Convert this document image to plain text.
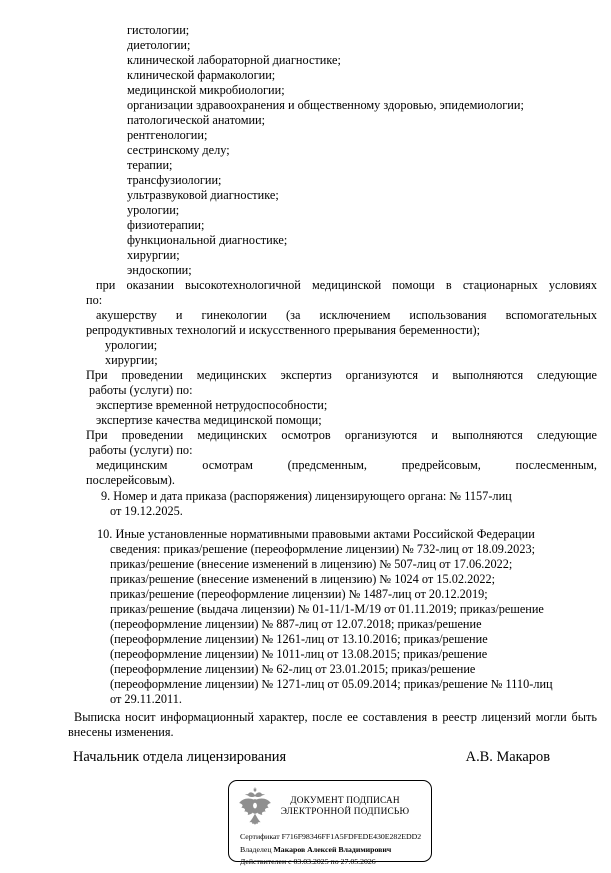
гистологии;
диетологии;
клинической лабораторной диагностике;
клинической фармакологии;
медицинской микробиологии;
организации здравоохранения и общественному здоровью, эпидемиологии;
патологической анатомии;
рентгенологии;
сестринскому делу;
терапии;
трансфузиологии;
ультразвуковой диагностике;
урологии;
физиотерапии;
функциональной диагностике;
хирургии;
эндоскопии;
при оказании высокотехнологичной медицинской помощи в стационарных условиях
по:
акушерству и гинекологии (за исключением использования вспомогательных
репродуктивных технологий и искусственного прерывания беременности);
урологии;
хирургии;
При проведении медицинских экспертиз организуются и выполняются следующие
работы (услуги) по:
экспертизе временной нетрудоспособности;
экспертизе качества медицинской помощи;
При проведении медицинских осмотров организуются и выполняются следующие
работы (услуги) по:
медицинским осмотрам (предсменным, предрейсовым, послесменным,
послерейсовым).
9. Номер и дата приказа (распоряжения) лицензирующего органа: № 1157-лиц
от 19.12.2025.
10. Иные установленные нормативными правовыми актами Российской Федерации
сведения: приказ/решение (переоформление лицензии) № 732-лиц от 18.09.2023;
приказ/решение (внесение изменений в лицензию) № 507-лиц от 17.06.2022;
приказ/решение (внесение изменений в лицензию) № 1024 от 15.02.2022;
приказ/решение (переоформление лицензии) № 1487-лиц от 20.12.2019;
приказ/решение (выдача лицензии) № 01-11/1-М/19 от 01.11.2019; приказ/решение
(переоформление лицензии) № 887-лиц от 12.07.2018; приказ/решение
(переоформление лицензии) № 1261-лиц от 13.10.2016; приказ/решение
(переоформление лицензии) № 1011-лиц от 13.08.2015; приказ/решение
(переоформление лицензии) № 62-лиц от 23.01.2015; приказ/решение
(переоформление лицензии) № 1271-лиц от 05.09.2014; приказ/решение № 1110-лиц
от 29.11.2011.
Выписка носит информационный характер, после ее составления в реестр лицензий могли быть
внесены изменения.
Начальник отдела лицензирования	А.В. Макаров
ДОКУМЕНТ ПОДПИСАН
ЭЛЕКТРОННОЙ ПОДПИСЬЮ
Сертификат F716F98346FF1A5FDFEDE430E282EDD2
Владелец Макаров Алексей Владимирович
Действителен с 03.03.2025 по 27.05.2026
